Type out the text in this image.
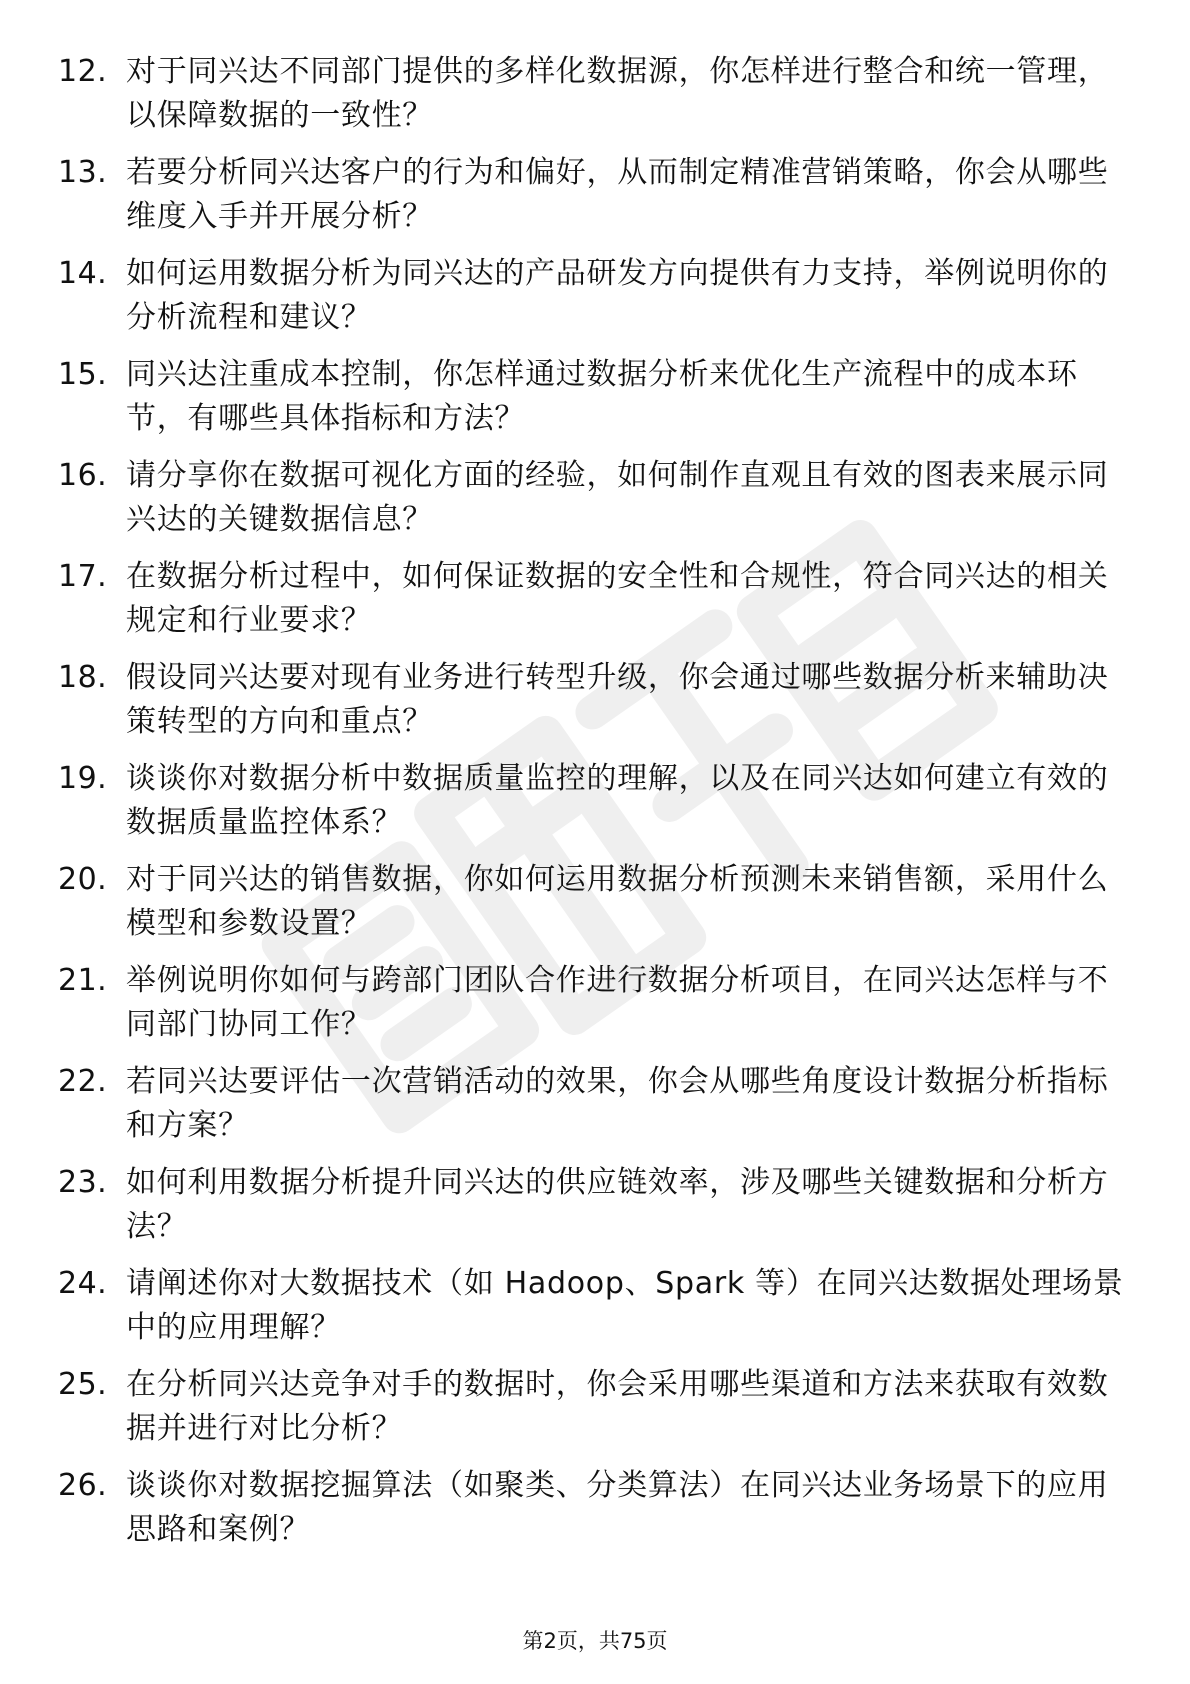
12. 对于同兴达不同部门提供的多样化数据源，你怎样进行整合和统一管理，以保障数据的一致性？
13. 若要分析同兴达客户的行为和偏好，从而制定精准营销策略，你会从哪些维度入手并开展分析？
14. 如何运用数据分析为同兴达的产品研发方向提供有力支持，举例说明你的分析流程和建议？
15. 同兴达注重成本控制，你怎样通过数据分析来优化生产流程中的成本环节，有哪些具体指标和方法？
16. 请分享你在数据可视化方面的经验，如何制作直观且有效的图表来展示同兴达的关键数据信息？
17. 在数据分析过程中，如何保证数据的安全性和合规性，符合同兴达的相关规定和行业要求？
18. 假设同兴达要对现有业务进行转型升级，你会通过哪些数据分析来辅助决策转型的方向和重点？
19. 谈谈你对数据分析中数据质量监控的理解，以及在同兴达如何建立有效的数据质量监控体系？
20. 对于同兴达的销售数据，你如何运用数据分析预测未来销售额，采用什么模型和参数设置？
21. 举例说明你如何与跨部门团队合作进行数据分析项目，在同兴达怎样与不同部门协同工作？
22. 若同兴达要评估一次营销活动的效果，你会从哪些角度设计数据分析指标和方案？
23. 如何利用数据分析提升同兴达的供应链效率，涉及哪些关键数据和分析方法？
24. 请阐述你对大数据技术（如 Hadoop、Spark 等）在同兴达数据处理场景中的应用理解？
25. 在分析同兴达竞争对手的数据时，你会采用哪些渠道和方法来获取有效数据并进行对比分析？
26. 谈谈你对数据挖掘算法（如聚类、分类算法）在同兴达业务场景下的应用思路和案例？
第2页，共75页
